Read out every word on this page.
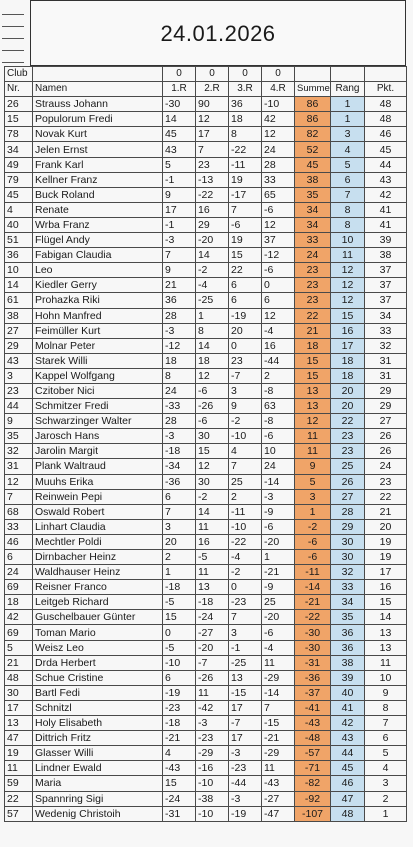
24.01.2026
Club		0	0	0	0			
Nr.	Namen	1.R	2.R	3.R	4.R	Summe	Rang	Pkt.
26	Strauss Johann	-30	90	36	-10	86	1	48
15	Populorum Fredi	14	12	18	42	86	1	48
78	Novak Kurt	45	17	8	12	82	3	46
34	Jelen Ernst	43	7	-22	24	52	4	45
49	Frank Karl	5	23	-11	28	45	5	44
79	Kellner Franz	-1	-13	19	33	38	6	43
45	Buck Roland	9	-22	-17	65	35	7	42
4	Renate	17	16	7	-6	34	8	41
40	Wrba Franz	-1	29	-6	12	34	8	41
51	Flügel Andy	-3	-20	19	37	33	10	39
36	Fabigan Claudia	7	14	15	-12	24	11	38
10	Leo	9	-2	22	-6	23	12	37
14	Kiedler Gerry	21	-4	6	0	23	12	37
61	Prohazka Riki	36	-25	6	6	23	12	37
38	Hohn Manfred	28	1	-19	12	22	15	34
27	Feimüller Kurt	-3	8	20	-4	21	16	33
29	Molnar Peter	-12	14	0	16	18	17	32
43	Starek Willi	18	18	23	-44	15	18	31
3	Kappel Wolfgang	8	12	-7	2	15	18	31
23	Czitober Nici	24	-6	3	-8	13	20	29
44	Schmitzer Fredi	-33	-26	9	63	13	20	29
9	Schwarzinger Walter	28	-6	-2	-8	12	22	27
35	Jarosch Hans	-3	30	-10	-6	11	23	26
32	Jarolin Margit	-18	15	4	10	11	23	26
31	Plank Waltraud	-34	12	7	24	9	25	24
12	Muuhs Erika	-36	30	25	-14	5	26	23
7	Reinwein Pepi	6	-2	2	-3	3	27	22
68	Oswald Robert	7	14	-11	-9	1	28	21
33	Linhart Claudia	3	11	-10	-6	-2	29	20
46	Mechtler Poldi	20	16	-22	-20	-6	30	19
6	Dirnbacher Heinz	2	-5	-4	1	-6	30	19
24	Waldhauser Heinz	1	11	-2	-21	-11	32	17
69	Reisner Franco	-18	13	0	-9	-14	33	16
18	Leitgeb Richard	-5	-18	-23	25	-21	34	15
42	Guschelbauer Günter	15	-24	7	-20	-22	35	14
69	Toman Mario	0	-27	3	-6	-30	36	13
5	Weisz Leo	-5	-20	-1	-4	-30	36	13
21	Drda Herbert	-10	-7	-25	11	-31	38	11
48	Schue Cristine	6	-26	13	-29	-36	39	10
30	Bartl Fedi	-19	11	-15	-14	-37	40	9
17	Schnitzl	-23	-42	17	7	-41	41	8
13	Holy Elisabeth	-18	-3	-7	-15	-43	42	7
47	Dittrich Fritz	-21	-23	17	-21	-48	43	6
19	Glasser Willi	4	-29	-3	-29	-57	44	5
11	Lindner Ewald	-43	-16	-23	11	-71	45	4
59	Maria	15	-10	-44	-43	-82	46	3
22	Spannring Sigi	-24	-38	-3	-27	-92	47	2
57	Wedenig Christoih	-31	-10	-19	-47	-107	48	1
